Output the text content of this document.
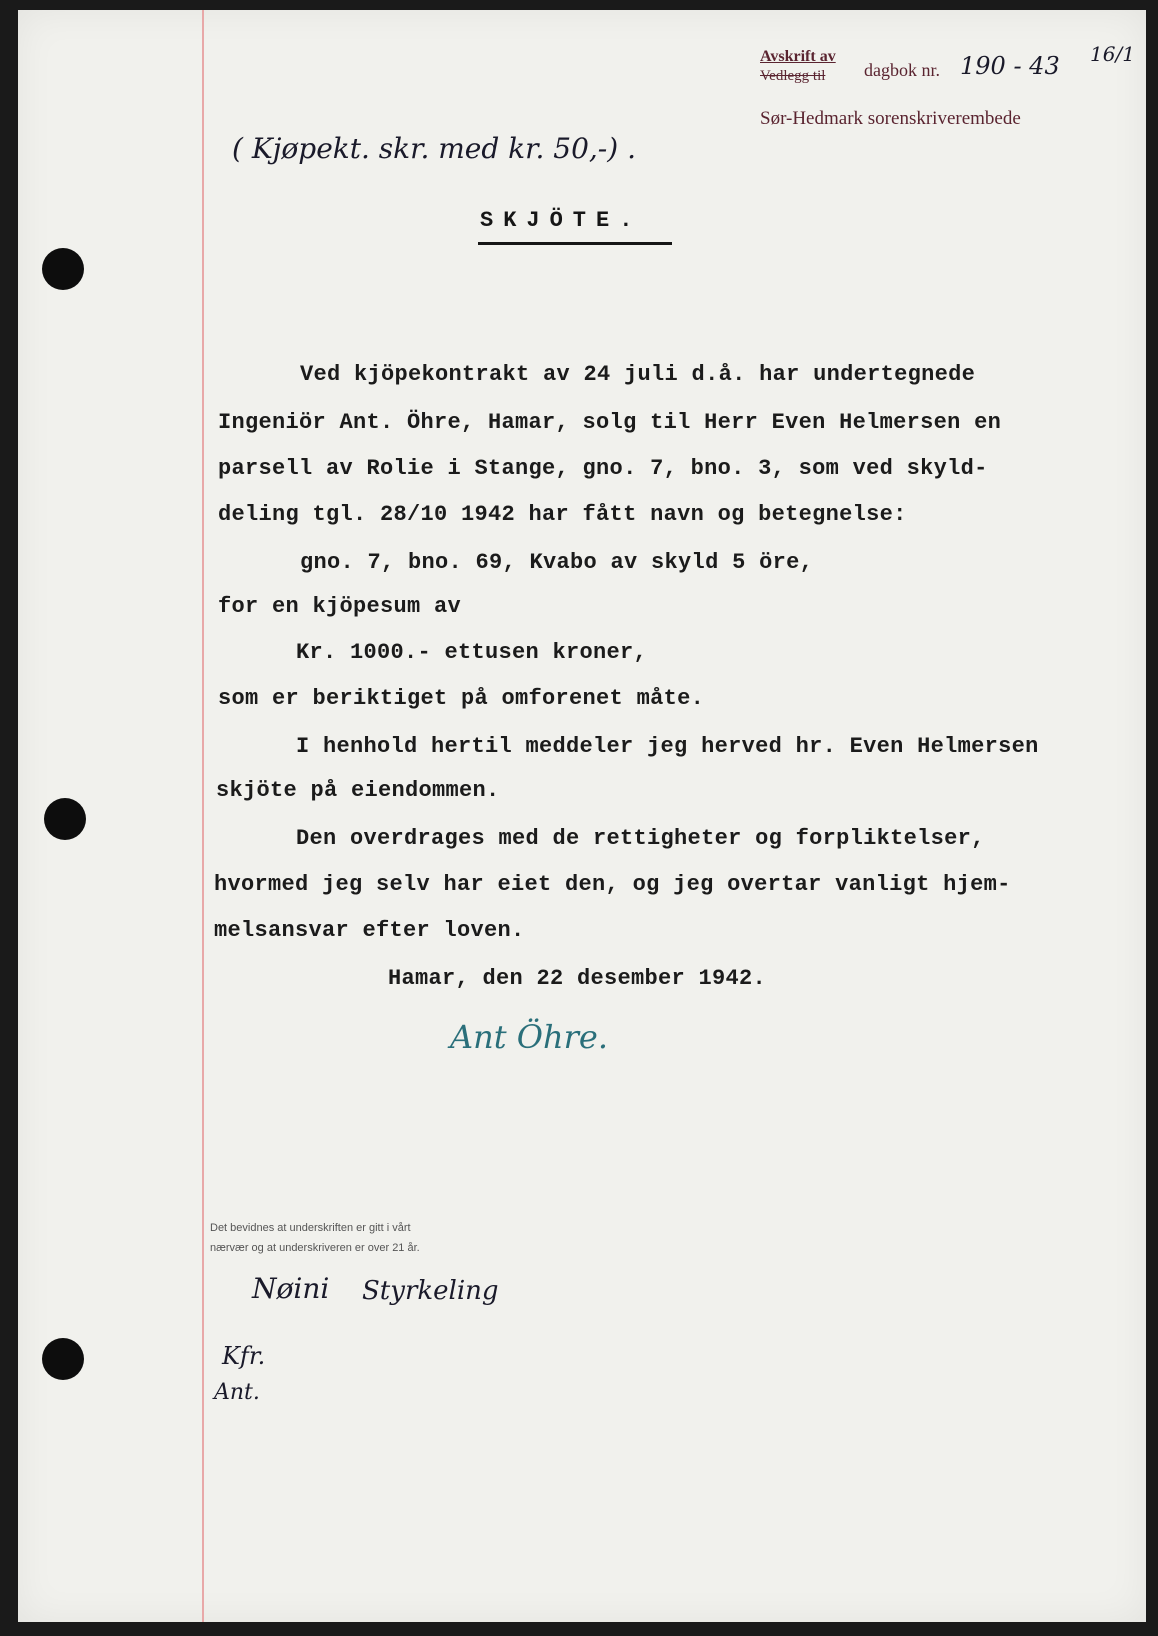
Avskrift av
Vedlegg til dagbok nr. 190 - 43 16/1
Sør-Hedmark sorenskriverembede
( Kjøpekt. skr. med kr. 50,-) .
SKJÖTE.
Ved kjöpekontrakt av 24 juli d.å. har undertegnede
Ingeniör Ant. Öhre, Hamar, solg til Herr Even Helmersen en
parsell av Rolie i Stange, gno. 7, bno. 3, som ved skyld-
deling tgl. 28/10 1942 har fått navn og betegnelse:
gno. 7, bno. 69, Kvabo av skyld 5 öre,
for en kjöpesum av
Kr. 1000.- ettusen kroner,
som er beriktiget på omforenet måte.
I henhold hertil meddeler jeg herved hr. Even Helmersen
skjöte på eiendommen.
Den overdrages med de rettigheter og forpliktelser,
hvormed jeg selv har eiet den, og jeg overtar vanligt hjem-
melsansvar efter loven.
Hamar, den 22 desember 1942.
Ant Öhre.
Det bevidnes at underskriften er gitt i vårt
nærvær og at underskriveren er over 21 år.
Nøini Styrkeling
Kfr.
Ant.
